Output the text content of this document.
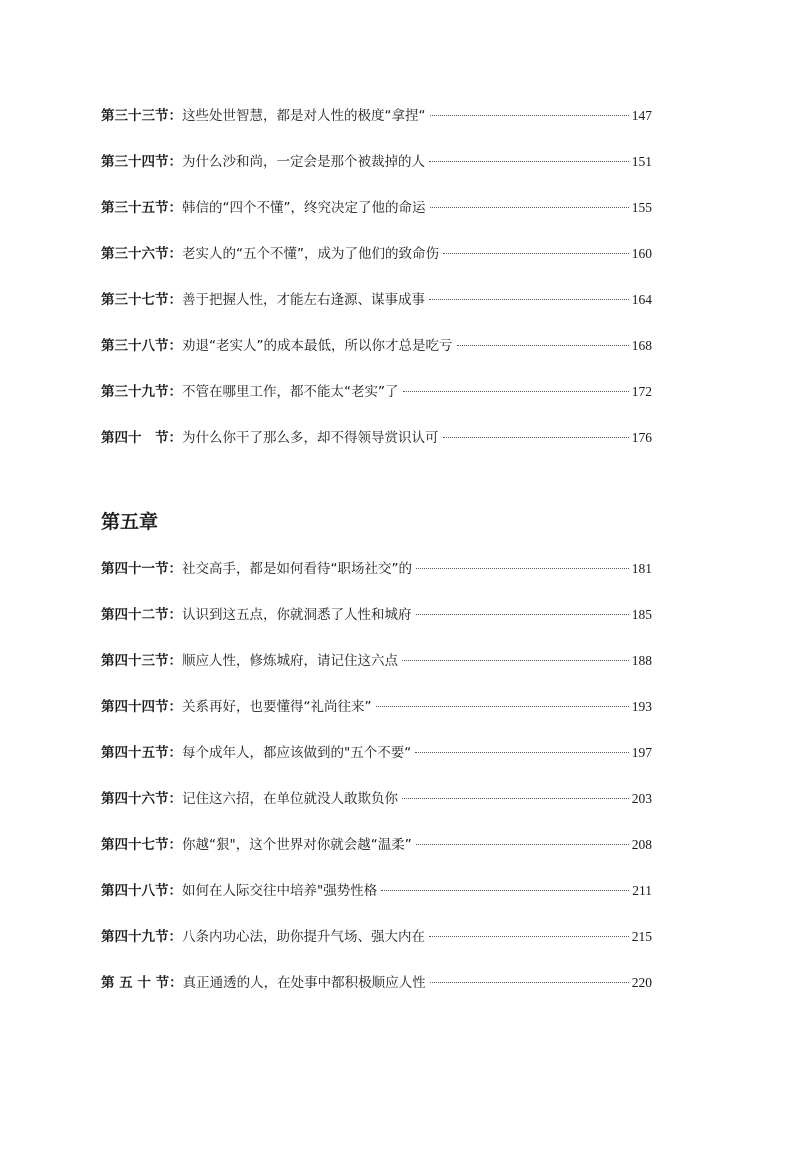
第三十三节： 这些处世智慧，都是对人性的极度“拿捏“	147
第三十四节： 为什么沙和尚，一定会是那个被裁掉的人	151
第三十五节： 韩信的“四个不懂”，终究决定了他的命运	155
第三十六节： 老实人的“五个不懂”，成为了他们的致命伤	160
第三十七节： 善于把握人性，才能左右逢源、谋事成事	164
第三十八节： 劝退“老实人”的成本最低，所以你才总是吃亏	168
第三十九节： 不管在哪里工作，都不能太“老实”了	172
第四十　节： 为什么你干了那么多，却不得领导赏识认可	176
第五章
第四十一节： 社交高手，都是如何看待“职场社交”的	181
第四十二节： 认识到这五点，你就洞悉了人性和城府	185
第四十三节： 顺应人性，修炼城府，请记住这六点	188
第四十四节： 关系再好，也要懂得“礼尚往来”	193
第四十五节： 每个成年人，都应该做到的"五个不要“	197
第四十六节： 记住这六招，在单位就没人敢欺负你	203
第四十七节： 你越“狠"，这个世界对你就会越“温柔”	208
第四十八节： 如何在人际交往中培养"强势性格	211
第四十九节： 八条内功心法，助你提升气场、强大内在	215
第 五 十 节： 真正通透的人，在处事中都积极顺应人性	220
